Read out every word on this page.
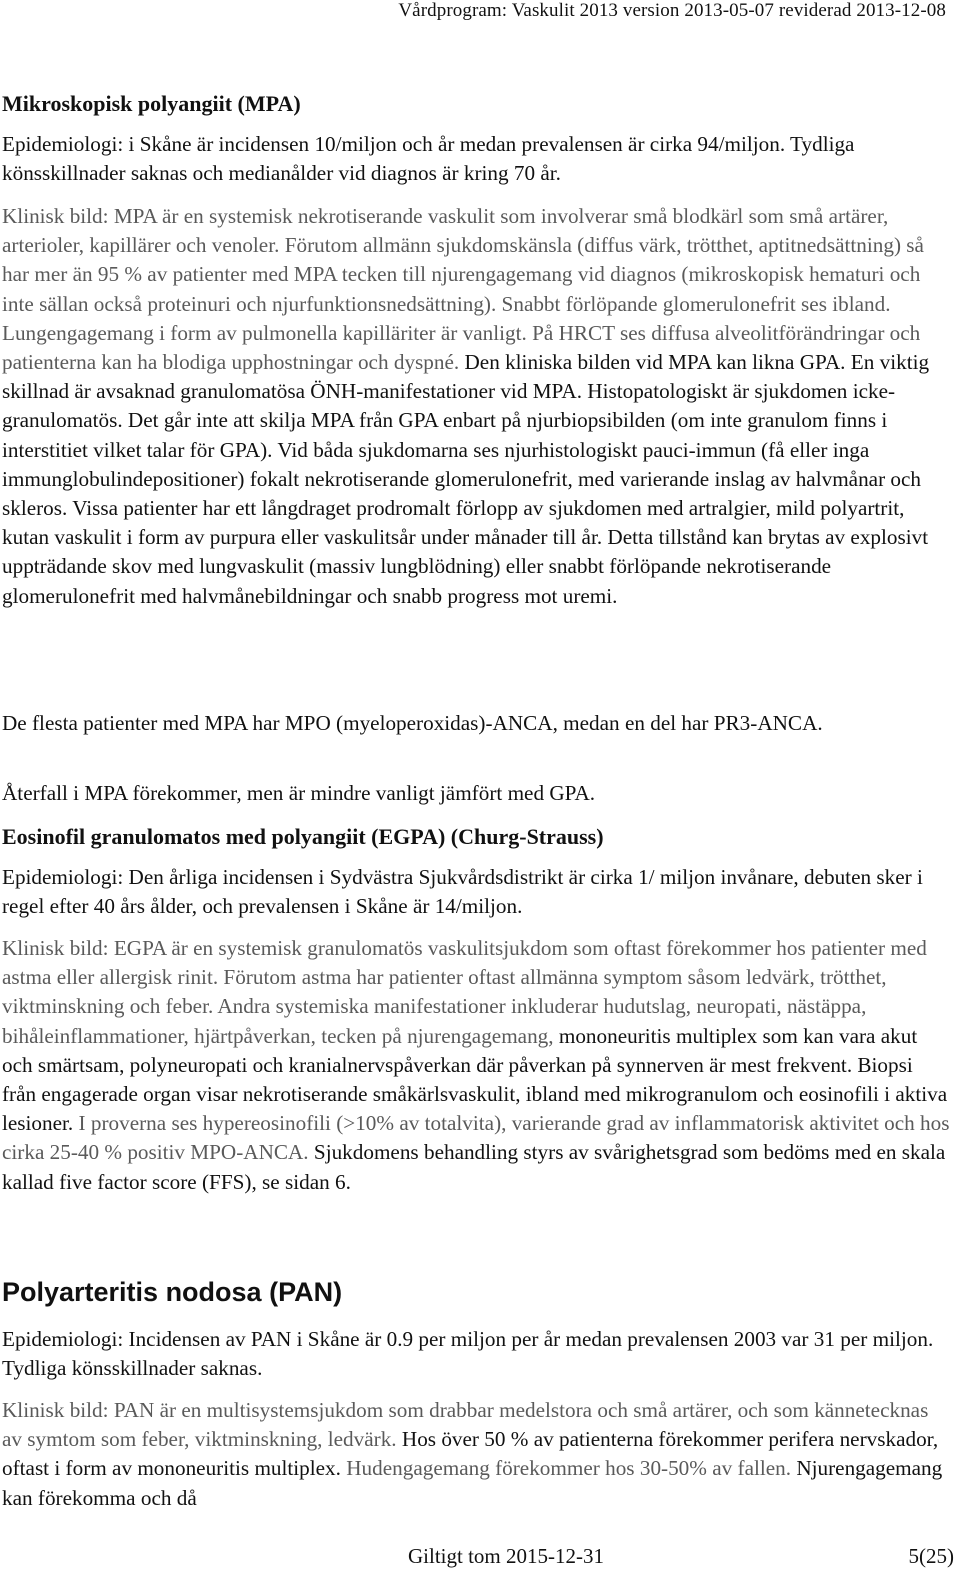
Vårdprogram: Vaskulit 2013 version 2013-05-07 reviderad 2013-12-08
Mikroskopisk polyangiit (MPA)

Epidemiologi: i Skåne är incidensen 10/miljon och år medan prevalensen är cirka 94/miljon. Tydliga könsskillnader saknas och medianålder vid diagnos är kring 70 år.

Klinisk bild: MPA är en systemisk nekrotiserande vaskulit som involverar små blodkärl som små artärer, arterioler, kapillärer och venoler. Förutom allmänn sjukdomskänsla (diffus värk, trötthet, aptitnedsättning) så har mer än 95 % av patienter med MPA tecken till njurengagemang vid diagnos (mikroskopisk hematuri och inte sällan också proteinuri och njurfunktionsnedsättning). Snabbt förlöpande glomerulonefrit ses ibland. Lungengagemang i form av pulmonella kapilläriter är vanligt. På HRCT ses diffusa alveolitförändringar och patienterna kan ha blodiga upphostningar och dyspné. Den kliniska bilden vid MPA kan likna GPA. En viktig skillnad är avsaknad granulomatösa ÖNH-manifestationer vid MPA. Histopatologiskt är sjukdomen icke-granulomatös. Det går inte att skilja MPA från GPA enbart på njurbiopsibilden (om inte granulom finns i interstitiet vilket talar för GPA). Vid båda sjukdomarna ses njurhistologiskt pauci-immun (få eller inga immunglobulindepositioner) fokalt nekrotiserande glomerulonefrit, med varierande inslag av halvmånar och skleros. Vissa patienter har ett långdraget prodromalt förlopp av sjukdomen med artralgier, mild polyartrit, kutan vaskulit i form av purpura eller vaskulitsår under månader till år. Detta tillstånd kan brytas av explosivt uppträdande skov med lungvaskulit (massiv lungblödning) eller snabbt förlöpande nekrotiserande glomerulonefrit med halvmånebildningar och snabb progress mot uremi.

De flesta patienter med MPA har MPO (myeloperoxidas)-ANCA, medan en del har PR3-ANCA.

Återfall i MPA förekommer, men är mindre vanligt jämfört med GPA.

Eosinofil granulomatos med polyangiit (EGPA) (Churg-Strauss)

Epidemiologi: Den årliga incidensen i Sydvästra Sjukvårdsdistrikt är cirka 1/ miljon invånare, debuten sker i regel efter 40 års ålder, och prevalensen i Skåne är 14/miljon.

Klinisk bild: EGPA är en systemisk granulomatös vaskulitsjukdom som oftast förekommer hos patienter med astma eller allergisk rinit. Förutom astma har patienter oftast allmänna symptom såsom ledvärk, trötthet, viktminskning och feber. Andra systemiska manifestationer inkluderar hudutslag, neuropati, nästäppa, bihåleinflammationer, hjärtpåverkan, tecken på njurengagemang, mononeuritis multiplex som kan vara akut och smärtsam, polyneuropati och kranialnervspåverkan där påverkan på synnerven är mest frekvent. Biopsi från engagerade organ visar nekrotiserande småkärlsvaskulit, ibland med mikrogranulom och eosinofili i aktiva lesioner. I proverna ses hypereosinofili (>10% av totalvita), varierande grad av inflammatorisk aktivitet och hos cirka 25-40 % positiv MPO-ANCA. Sjukdomens behandling styrs av svårighetsgrad som bedöms med en skala kallad five factor score (FFS), se sidan 6.

Polyarteritis nodosa (PAN)

Epidemiologi: Incidensen av PAN i Skåne är 0.9 per miljon per år medan prevalensen 2003 var 31 per miljon. Tydliga könsskillnader saknas.

Klinisk bild: PAN är en multisystemsjukdom som drabbar medelstora och små artärer, och som kännetecknas av symtom som feber, viktminskning, ledvärk. Hos över 50 % av patienterna förekommer perifera nervskador, oftast i form av mononeuritis multiplex. Hudengagemang förekommer hos 30-50% av fallen. Njurengagemang kan förekomma och då

Giltigt tom 2015-12-31	5(25)
